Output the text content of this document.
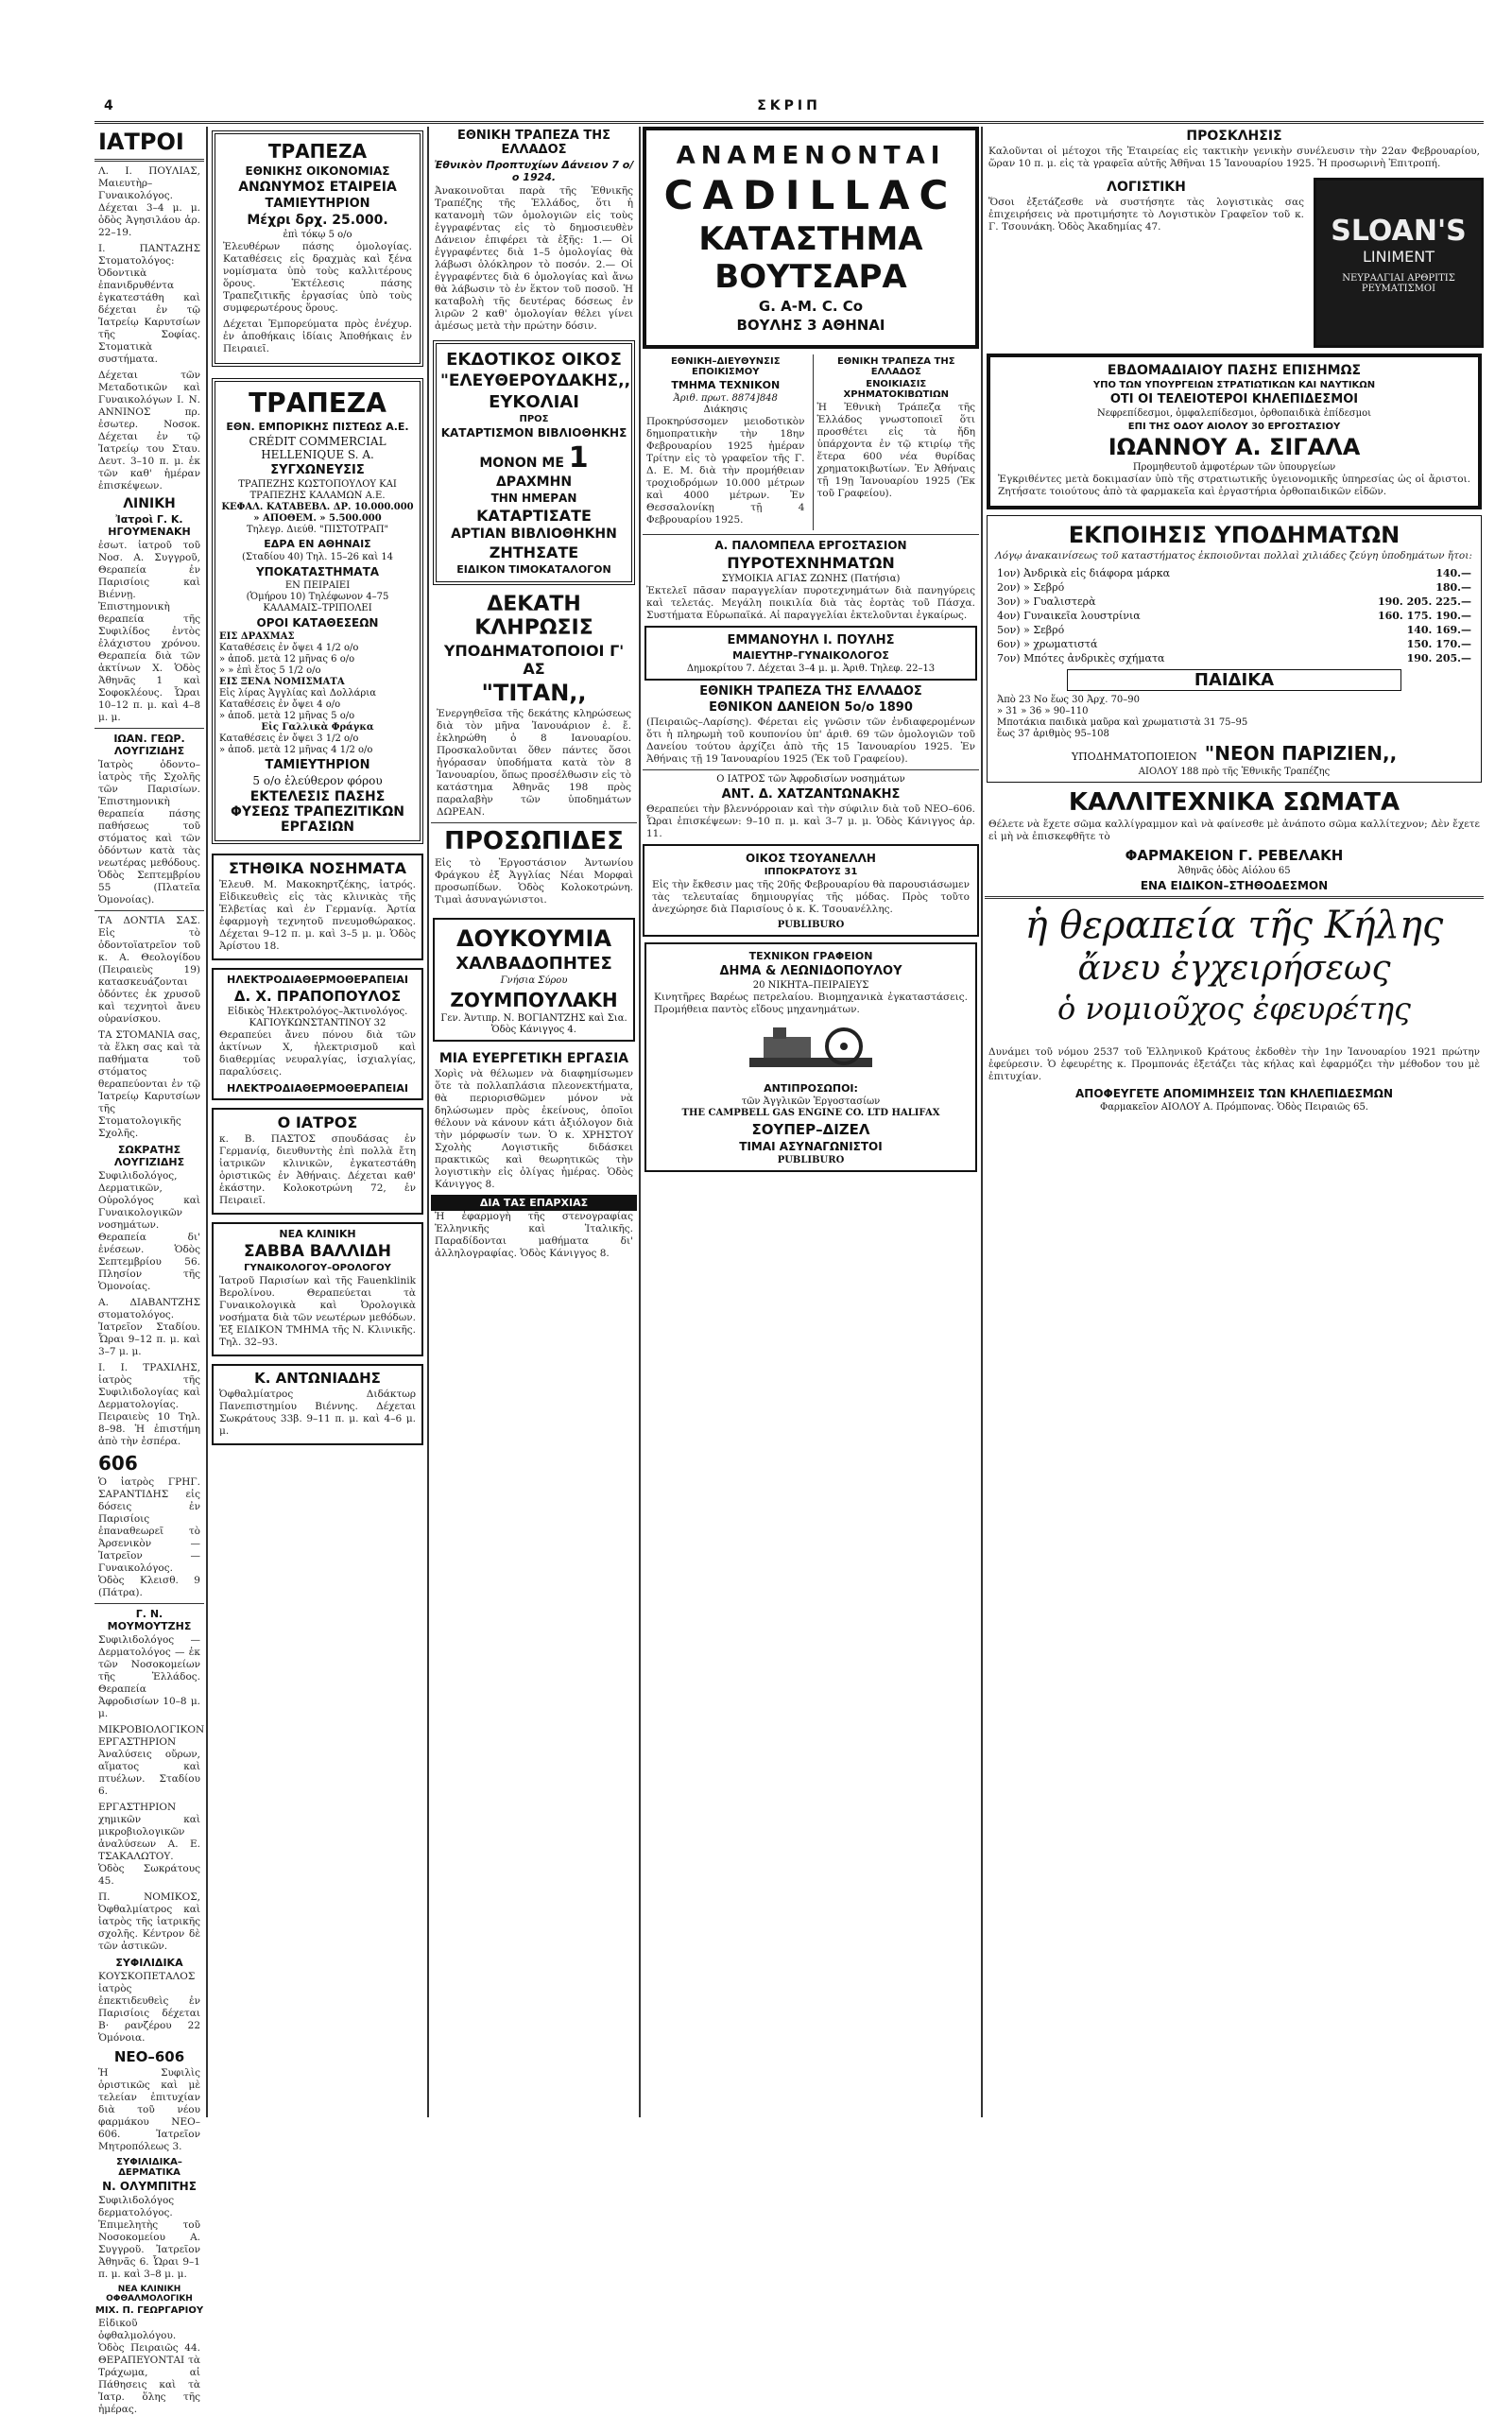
4	ΣΚΡΙΠ
ΙΑΤΡΟΙ
Λ. Ι. ΠΟΥΛΙΑΣ, Μαιευτὴρ–Γυναικολόγος. Δέχεται 3–4 μ. μ. ὁδὸς Ἀγησιλάου ἀρ. 22–19.
Ι. ΠΑΝΤΑΖΗΣ Στοματολόγος: Ὀδοντικὰ ἐπανιδρυθέντα ἐγκατεστάθη καὶ δέχεται ἐν τῷ Ἰατρείῳ Καρυτσίων τῆς Σοφίας. Στοματικὰ συστήματα.
Δέχεται τῶν Μεταδοτικῶν καὶ Γυναικολόγων Ι. Ν. ΑΝΝΙΝΟΣ πρ. ἐσωτερ. Νοσοκ. Δέχεται ἐν τῷ Ἰατρείῳ του Σταυ. Δευτ. 3–10 π. μ. ἐκ τῶν καθ' ἡμέραν ἐπισκέψεων.
ΛΙΝΙΚΗ
Ἰατροὶ Γ. Κ. ΗΓΟΥΜΕΝΑΚΗ
ἐσωτ. ἰατροῦ τοῦ Νοσ. Α. Συγγροῦ, Θεραπεία ἐν Παρισίοις καὶ Βιέννῃ. Ἐπιστημονικὴ θεραπεία τῆς Συφιλίδος ἐντὸς ἐλάχιστου χρόνου. Θεραπεία διὰ τῶν ἀκτίνων X. Ὁδὸς Ἀθηνᾶς 1 καὶ Σοφοκλέους. Ὧραι 10–12 π. μ. καὶ 4–8 μ. μ.
ΙΩΑΝ. ΓΕΩΡ. ΛΟΥΓΙΖΙΔΗΣ
Ἰατρὸς ὀδοντο–ἰατρὸς τῆς Σχολῆς τῶν Παρισίων. Ἐπιστημονικὴ θεραπεία πάσης παθήσεως τοῦ στόματος καὶ τῶν ὀδόντων κατὰ τὰς νεωτέρας μεθόδους. Ὁδὸς Σεπτεμβρίου 55 (Πλατεῖα Ὁμονοίας).
ΤΑ ΔΟΝΤΙΑ ΣΑΣ. Εἰς τὸ ὀδοντοϊατρεῖον τοῦ κ. Α. Θεολογίδου (Πειραιεὺς 19) κατασκευάζονται ὀδόντες ἐκ χρυσοῦ καὶ τεχνητοὶ ἄνευ οὐρανίσκου.
ΤΑ ΣΤΟΜΑΝΙΑ σας, τὰ ἕλκη σας καὶ τὰ παθήματα τοῦ στόματος θεραπεύονται ἐν τῷ Ἰατρείῳ Καρυτσίων τῆς Στοματολογικῆς Σχολῆς.
ΣΩΚΡΑΤΗΣ ΛΟΥΓΙΖΙΔΗΣ
Συφιλιδολόγος, Δερματικῶν, Οὐρολόγος καὶ Γυναικολογικῶν νοσημάτων. Θεραπεία δι' ἐνέσεων. Ὁδὸς Σεπτεμβρίου 56. Πλησίον τῆς Ὁμονοίας.
Α. ΔΙΑΒΑΝΤΖΗΣ στοματολόγος. Ἰατρεῖον Σταδίου. Ὧραι 9–12 π. μ. καὶ 3–7 μ. μ.
Ι. Ι. ΤΡΑΧΙΛΗΣ, ἰατρὸς τῆς Συφιλιδολογίας καὶ Δερματολογίας. Πειραιεὺς 10 Τηλ. 8–98. Ἡ ἐπιστήμη ἀπὸ τὴν ἑσπέρα.
606
Ὁ ἰατρὸς ΓΡΗΓ. ΣΑΡΑΝΤΙΔΗΣ εἰς δόσεις ἐν Παρισίοις ἐπαναθεωρεῖ τὸ Ἀρσενικὸν — Ἰατρεῖον — Γυναικολόγος. Ὁδὸς Κλεισθ. 9 (Πάτρα).
Γ. Ν. ΜΟΥΜΟΥΤΖΗΣ
Συφιλιδολόγος — Δερματολόγος — ἐκ τῶν Νοσοκομείων τῆς Ἑλλάδος. Θεραπεία Ἀφροδισίων 10–8 μ. μ.
ΜΙΚΡΟΒΙΟΛΟΓΙΚΟΝ ΕΡΓΑΣΤΗΡΙΟΝ Ἀναλύσεις οὔρων, αἵματος καὶ πτυέλων. Σταδίου 6.
ΕΡΓΑΣΤΗΡΙΟΝ χημικῶν καὶ μικροβιολογικῶν ἀναλύσεων Α. Ε. ΤΣΑΚΑΛΩΤΟΥ. Ὁδὸς Σωκράτους 45.
Π. ΝΟΜΙΚΟΣ, Ὀφθαλμίατρος καὶ ἰατρὸς τῆς ἰατρικῆς σχολῆς. Κέντρον δὲ τῶν ἀστικῶν.
ΣΥΦΙΛΙΔΙΚΑ
ΚΟΥΣΚΟΠΕΤΑΛΟΣ ἰατρὸς ἐπεκτιδευθεὶς ἐν Παρισίοις δέχεται Β· ρανζέρου 22 Ὁμόνοια.
ΝΕΟ–606
Ἡ Συφιλὶς ὁριστικῶς καὶ μὲ τελείαν ἐπιτυχίαν διὰ τοῦ νέου φαρμάκου ΝΕΟ–606. Ἰατρεῖον Μητροπόλεως 3.
ΣΥΦΙΛΙΔΙΚΑ–ΔΕΡΜΑΤΙΚΑ
Ν. ΟΛΥΜΠΙΤΗΣ
Συφιλιδολόγος δερματολόγος. Ἐπιμελητὴς τοῦ Νοσοκομείου Α. Συγγροῦ. Ἰατρεῖον Ἀθηνᾶς 6. Ὧραι 9–1 π. μ. καὶ 3–8 μ. μ.
ΝΕΑ ΚΛΙΝΙΚΗ ΟΦΘΑΛΜΟΛΟΓΙΚΗ
ΜΙΧ. Π. ΓΕΩΡΓΑΡΙΟΥ
Εἰδικοῦ ὀφθαλμολόγου. Ὁδὸς Πειραιῶς 44. ΘΕΡΑΠΕΥΟΝΤΑΙ τὰ Τράχωμα, αἱ Πάθησεις καὶ τὰ Ἰατρ. ὅλης τῆς ἡμέρας.
ΤΡΑΠΕΖΑ
ΕΘΝΙΚΗΣ ΟΙΚΟΝΟΜΙΑΣ
ΑΝΩΝΥΜΟΣ ΕΤΑΙΡΕΙΑ
ΤΑΜΙΕΥΤΗΡΙΟΝ
Μέχρι δρχ. 25.000.
ἐπὶ τόκῳ 5 ο/ο
Ἐλευθέρων πάσης ὁμολογίας. Καταθέσεις εἰς δραχμὰς καὶ ξένα νομίσματα ὑπὸ τοὺς καλλιτέρους ὅρους. Ἐκτέλεσις πάσης Τραπεζιτικῆς ἐργασίας ὑπὸ τοὺς συμφερωτέρους ὅρους.
Δέχεται Ἐμπορεύματα πρὸς ἐνέχυρ. ἐν ἀποθήκαις ἰδίαις Ἀποθήκαις ἐν Πειραιεῖ.
ΤΡΑΠΕΖΑ
ΕΘΝ. ΕΜΠΟΡΙΚΗΣ ΠΙΣΤΕΩΣ Α.Ε.
CRÉDIT COMMERCIAL
HELLENIQUE S. A.
ΣΥΓΧΩΝΕΥΣΙΣ
ΤΡΑΠΕΖΗΣ ΚΩΣΤΟΠΟΥΛΟΥ ΚΑΙ ΤΡΑΠΕΖΗΣ ΚΑΛΑΜΩΝ Α.Ε.
ΚΕΦΑΛ. ΚΑΤΑΒΕΒΛ. ΔΡ. 10.000.000
» ΑΠΟΘΕΜ. » 5.500.000
Τηλεγρ. Διεύθ. "ΠΙΣΤΟΤΡΑΠ"
ΕΔΡΑ ΕΝ ΑΘΗΝΑΙΣ
(Σταδίου 40) Τηλ. 15–26 καὶ 14
ΥΠΟΚΑΤΑΣΤΗΜΑΤΑ
ΕΝ ΠΕΙΡΑΙΕΙ
(Ὁμήρου 10) Τηλέφωνον 4–75
ΚΑΛΑΜΑΙΣ–ΤΡΙΠΟΛΕΙ
ΟΡΟΙ ΚΑΤΑΘΕΣΕΩΝ
ΕΙΣ ΔΡΑΧΜΑΣ
Καταθέσεις ἐν ὄψει 4 1/2 ο/ο
» ἀποδ. μετὰ 12 μῆνας 6 ο/ο
» » ἐπὶ ἔτος 5 1/2 ο/ο
ΕΙΣ ΞΕΝΑ ΝΟΜΙΣΜΑΤΑ
Εἰς λίρας Ἀγγλίας καὶ Δολλάρια
Καταθέσεις ἐν ὄψει 4 ο/ο
» ἀποδ. μετὰ 12 μῆνας 5 ο/ο
Εἰς Γαλλικὰ Φράγκα
Καταθέσεις ἐν ὄψει 3 1/2 ο/ο
» ἀποδ. μετὰ 12 μῆνας 4 1/2 ο/ο
ΤΑΜΙΕΥΤΗΡΙΟΝ
5 ο/ο ἐλεύθερον φόρου
ΕΚΤΕΛΕΣΙΣ ΠΑΣΗΣ ΦΥΣΕΩΣ ΤΡΑΠΕΖΙΤΙΚΩΝ ΕΡΓΑΣΙΩΝ
ΣΤΗΘΙΚΑ ΝΟΣΗΜΑΤΑ
Ἐλευθ. Μ. Μακοκηρτζέκης, ἰατρός. Εἰδικευθεὶς εἰς τὰς κλινικὰς τῆς Ἑλβετίας καὶ ἐν Γερμανίᾳ. Ἀρτία ἐφαρμογὴ τεχνητοῦ πνευμοθώρακος. Δέχεται 9–12 π. μ. καὶ 3–5 μ. μ. Ὁδὸς Ἀρίστου 18.
ΗΛΕΚΤΡΟΔΙΑΘΕΡΜΟΘΕΡΑΠΕΙΑΙ
Δ. Χ. ΠΡΑΠΟΠΟΥΛΟΣ
Εἰδικὸς Ἠλεκτρολόγος–Ἀκτινολόγος. ΚΑΓΙΟΥΚΩΝΣΤΑΝΤΙΝΟΥ 32
Θεραπεύει ἄνευ πόνου διὰ τῶν ἀκτίνων X, ἠλεκτρισμοῦ καὶ διαθερμίας νευραλγίας, ἰσχιαλγίας, παραλύσεις.
ΗΛΕΚΤΡΟΔΙΑΘΕΡΜΟΘΕΡΑΠΕΙΑΙ
Ο ΙΑΤΡΟΣ
κ. Β. ΠΑΣΤΟΣ σπουδάσας ἐν Γερμανίᾳ, διευθυντὴς ἐπὶ πολλὰ ἔτη ἰατρικῶν κλινικῶν, ἐγκατεστάθη ὁριστικῶς ἐν Ἀθήναις. Δέχεται καθ' ἑκάστην. Κολοκοτρώνη 72, ἐν Πειραιεῖ.
ΝΕΑ ΚΛΙΝΙΚΗ
ΣΑΒΒΑ ΒΑΛΛΙΔΗ
ΓΥΝΑΙΚΟΛΟΓΟΥ–ΟΡΟΛΟΓΟΥ
Ἰατροῦ Παρισίων καὶ τῆς Fauenklinik Βερολίνου. Θεραπεύεται τὰ Γυναικολογικὰ καὶ Ὀρολογικὰ νοσήματα διὰ τῶν νεωτέρων μεθόδων. Ἐξ ΕΙΔΙΚΟΝ ΤΜΗΜΑ τῆς Ν. Κλινικῆς. Τηλ. 32–93.
Κ. ΑΝΤΩΝΙΑΔΗΣ
Ὀφθαλμίατρος Διδάκτωρ Πανεπιστημίου Βιέννης. Δέχεται Σωκράτους 33β. 9–11 π. μ. καὶ 4–6 μ. μ.
ΕΘΝΙΚΗ ΤΡΑΠΕΖΑ ΤΗΣ ΕΛΛΑΔΟΣ
Ἐθνικὸν Προπτυχίων Δάνειον 7 ο/ο 1924.
Ἀνακοινοῦται παρὰ τῆς Ἐθνικῆς Τραπέζης τῆς Ἑλλάδος, ὅτι ἡ κατανομὴ τῶν ὁμολογιῶν εἰς τοὺς ἐγγραφέντας εἰς τὸ δημοσιευθὲν Δάνειον ἐπιφέρει τὰ ἑξῆς: 1.— Οἱ ἐγγραφέντες διὰ 1–5 ὁμολογίας θὰ λάβωσι ὁλόκληρον τὸ ποσόν. 2.— Οἱ ἐγγραφέντες διὰ 6 ὁμολογίας καὶ ἄνω θὰ λάβωσιν τὸ ἐν ἕκτον τοῦ ποσοῦ. Ἡ καταβολὴ τῆς δευτέρας δόσεως ἐν λιρῶν 2 καθ' ὁμολογίαν θέλει γίνει ἀμέσως μετὰ τὴν πρώτην δόσιν.
ΕΚΔΟΤΙΚΟΣ ΟΙΚΟΣ
"ΕΛΕΥΘΕΡΟΥΔΑΚΗΣ,,
ΕΥΚΟΛΙΑΙ
ΠΡΟΣ
ΚΑΤΑΡΤΙΣΜΟΝ ΒΙΒΛΙΟΘΗΚΗΣ
ΜΟΝΟΝ ΜΕ 1 ΔΡΑΧΜΗΝ
ΤΗΝ ΗΜΕΡΑΝ
ΚΑΤΑΡΤΙΣΑΤΕ
ΑΡΤΙΑΝ ΒΙΒΛΙΟΘΗΚΗΝ
ΖΗΤΗΣΑΤΕ
ΕΙΔΙΚΟΝ ΤΙΜΟΚΑΤΑΛΟΓΟΝ
ΔΕΚΑΤΗ ΚΛΗΡΩΣΙΣ
ΥΠΟΔΗΜΑΤΟΠΟΙΟΙ Γ' ΑΣ
"ΤΙΤΑΝ,,
Ἐνεργηθεῖσα τῆς δεκάτης κληρώσεως διὰ τὸν μῆνα Ἰανουάριον ἐ. ἔ. ἐκληρώθη ὁ 8 Ιανουαρίου. Προσκαλοῦνται ὅθεν πάντες ὅσοι ἠγόρασαν ὑποδήματα κατὰ τὸν 8 Ἰανουαρίου, ὅπως προσέλθωσιν εἰς τὸ κατάστημα Ἀθηνᾶς 198 πρὸς παραλαβὴν τῶν ὑποδημάτων ΔΩΡΕΑΝ.
ΠΡΟΣΩΠΙΔΕΣ
Εἰς τὸ Ἐργοστάσιον Ἀντωνίου Φράγκου ἐξ Ἀγγλίας Νέαι Μορφαὶ προσωπίδων. Ὁδὸς Κολοκοτρώνη. Τιμαὶ ἀσυναγώνιστοι.
ΔΟΥΚΟΥΜΙΑ
ΧΑΛΒΑΔΟΠΗΤΕΣ
Γνήσια Σύρου
ΖΟΥΜΠΟΥΛΑΚΗ
Γεν. Ἀντιπρ. Ν. ΒΟΓΙΑΝΤΖΗΣ καὶ Σια. Ὁδὸς Κάνιγγος 4.
ΜΙΑ ΕΥΕΡΓΕΤΙΚΗ ΕΡΓΑΣΙΑ
Χορὶς νὰ θέλωμεν νὰ διαφημίσωμεν ὅτε τὰ πολλαπλάσια πλεονεκτήματα, θὰ περιορισθῶμεν μόνον νὰ δηλώσωμεν πρὸς ἐκείνους, ὁποῖοι θέλουν νὰ κάνουν κάτι ἀξιόλογον διὰ τὴν μόρφωσίν των. Ὁ κ. ΧΡΗΣΤΟΥ Σχολὴς Λογιστικῆς διδάσκει πρακτικῶς καὶ θεωρητικῶς τὴν λογιστικὴν εἰς ὀλίγας ἡμέρας. Ὁδὸς Κάνιγγος 8.
ΔΙΑ ΤΑΣ ΕΠΑΡΧΙΑΣ
Ἡ ἐφαρμογὴ τῆς στενογραφίας Ἑλληνικῆς καὶ Ἰταλικῆς. Παραδίδονται μαθήματα δι' ἀλληλογραφίας. Ὁδὸς Κάνιγγος 8.
ΑΝΑΜΕΝΟΝΤΑΙ
CADILLAC
ΚΑΤΑΣΤΗΜΑ ΒΟΥΤΣΑΡΑ
G. A-M. C. Co
ΒΟΥΛΗΣ 3 ΑΘΗΝΑΙ
ΕΘΝΙΚΗ–ΔΙΕΥΘΥΝΣΙΣ ΕΠΟΙΚΙΣΜΟΥ
ΤΜΗΜΑ ΤΕΧΝΙΚΟΝ
Ἀριθ. πρωτ. 8874]848
Διάκησις
Προκηρύσσομεν μειοδοτικὸν δημοπρατικὴν τὴν 18ην Φεβρουαρίου 1925 ἡμέραν Τρίτην εἰς τὸ γραφεῖον τῆς Γ. Δ. Ε. Μ. διὰ τὴν προμήθειαν τροχιοδρόμων 10.000 μέτρων καὶ 4000 μέτρων. Ἐν Θεσσαλονίκῃ τῇ 4 Φεβρουαρίου 1925.
ΕΘΝΙΚΗ ΤΡΑΠΕΖΑ ΤΗΣ ΕΛΛΑΔΟΣ
ΕΝΟΙΚΙΑΣΙΣ ΧΡΗΜΑΤΟΚΙΒΩΤΙΩΝ
Ἡ Ἐθνικὴ Τράπεζα τῆς Ἑλλάδος γνωστοποιεῖ ὅτι προσθέτει εἰς τὰ ἤδη ὑπάρχοντα ἐν τῷ κτιρίῳ τῆς ἕτερα 600 νέα θυρίδας χρηματοκιβωτίων. Ἐν Ἀθήναις τῇ 19ῃ Ἰανουαρίου 1925 (Ἐκ τοῦ Γραφείου).
Α. ΠΑΛΟΜΠΕΛΑ ΕΡΓΟΣΤΑΣΙΟΝ
ΠΥΡΟΤΕΧΝΗΜΑΤΩΝ
ΣΥΜΟΙΚΙΑ ΑΓΙΑΣ ΖΩΝΗΣ (Πατήσια)
Ἐκτελεῖ πᾶσαν παραγγελίαν πυροτεχνημάτων διὰ πανηγύρεις καὶ τελετάς. Μεγάλη ποικιλία διὰ τὰς ἑορτὰς τοῦ Πάσχα. Συστήματα Εὐρωπαϊκά. Αἱ παραγγελίαι ἐκτελοῦνται ἐγκαίρως.
ΕΜΜΑΝΟΥΗΛ Ι. ΠΟΥΛΗΣ
ΜΑΙΕΥΤΗΡ–ΓΥΝΑΙΚΟΛΟΓΟΣ
Δημοκρίτου 7. Δέχεται 3–4 μ. μ. Ἀριθ. Τηλεφ. 22–13
ΕΘΝΙΚΗ ΤΡΑΠΕΖΑ ΤΗΣ ΕΛΛΑΔΟΣ
ΕΘΝΙΚΟΝ ΔΑΝΕΙΟΝ 5ο/ο 1890
(Πειραιῶς–Λαρίσης). Φέρεται εἰς γνῶσιν τῶν ἐνδιαφερομένων ὅτι ἡ πληρωμὴ τοῦ κουπονίου ὑπ' ἀριθ. 69 τῶν ὁμολογιῶν τοῦ Δανείου τούτου ἀρχίζει ἀπὸ τῆς 15 Ἰανουαρίου 1925. Ἐν Ἀθήναις τῇ 19 Ἰανουαρίου 1925 (Ἐκ τοῦ Γραφείου).
Ο ΙΑΤΡΟΣ τῶν Ἀφροδισίων νοσημάτων
ΑΝΤ. Δ. ΧΑΤΖΑΝΤΩΝΑΚΗΣ
Θεραπεύει τὴν βλεννόρροιαν καὶ τὴν σύφιλιν διὰ τοῦ NEO–606. Ὧραι ἐπισκέψεων: 9–10 π. μ. καὶ 3–7 μ. μ. Ὁδὸς Κάνιγγος ἀρ. 11.
ΟΙΚΟΣ ΤΣΟΥΑΝΕΛΛΗ
ΙΠΠΟΚΡΑΤΟΥΣ 31
Εἰς τὴν ἔκθεσιν μας τῆς 20ῆς Φεβρουαρίου θὰ παρουσιάσωμεν τὰς τελευταίας δημιουργίας τῆς μόδας. Πρὸς τοῦτο ἀνεχώρησε διὰ Παρισίους ὁ κ. Κ. Τσουανέλλης.
PUBLIBURO
ΤΕΧΝΙΚΟΝ ΓΡΑΦΕΙΟΝ
ΔΗΜΑ & ΛΕΩΝΙΔΟΠΟΥΛΟΥ
20 ΝΙΚΗΤΑ–ΠΕΙΡΑΙΕΥΣ
Κινητῆρες Βαρέως πετρελαίου. Βιομηχανικὰ ἐγκαταστάσεις. Προμήθεια παντὸς εἴδους μηχανημάτων.
ΑΝΤΙΠΡΟΣΩΠΟΙ:
τῶν Ἀγγλικῶν Ἐργοστασίων
THE CAMPBELL GAS ENGINE CO. LTD HALIFAX
ΣΟΥΠΕΡ–ΔΙΖΕΛ
ΤΙΜΑΙ ΑΣΥΝΑΓΩΝΙΣΤΟΙ
PUBLIBURO
ΠΡΟΣΚΛΗΣΙΣ
Καλοῦνται οἱ μέτοχοι τῆς Ἑταιρείας εἰς τακτικὴν γενικὴν συνέλευσιν τὴν 22αν Φεβρουαρίου, ὥραν 10 π. μ. εἰς τὰ γραφεῖα αὐτῆς Ἀθῆναι 15 Ἰανουαρίου 1925. Ἡ προσωρινὴ Ἐπιτροπή.
ΛΟΓΙΣΤΙΚΗ
Ὅσοι ἐξετάζεσθε νὰ συστήσητε τὰς λογιστικὰς σας ἐπιχειρήσεις νὰ προτιμήσητε τὸ Λογιστικὸν Γραφεῖον τοῦ κ. Γ. Τσουνάκη. Ὁδὸς Ἀκαδημίας 47.	SLOAN'S
LINIMENT
ΝΕΥΡΑΛΓΙΑΙ ΑΡΘΡΙΤΙΣ ΡΕΥΜΑΤΙΣΜΟΙ
ΕΒΔΟΜΑΔΙΑΙΟΥ ΠΑΣΗΣ ΕΠΙΣΗΜΩΣ
ΥΠΟ ΤΩΝ ΥΠΟΥΡΓΕΙΩΝ ΣΤΡΑΤΙΩΤΙΚΩΝ ΚΑΙ ΝΑΥΤΙΚΩΝ
ΟΤΙ ΟΙ ΤΕΛΕΙΟΤΕΡΟΙ ΚΗΛΕΠΙΔΕΣΜΟΙ
Νεφρεπίδεσμοι, ὀμφαλεπίδεσμοι, ὀρθοπαιδικὰ ἐπίδεσμοι
ΕΠΙ ΤΗΣ ΟΔΟΥ ΑΙΟΛΟΥ 30 ΕΡΓΟΣΤΑΣΙΟΥ
ΙΩΑΝΝΟΥ Α. ΣΙΓΑΛΑ
Προμηθευτοῦ ἀμφοτέρων τῶν ὑπουργείων
Ἐγκριθέντες μετὰ δοκιμασίαν ὑπὸ τῆς στρατιωτικῆς ὑγειονομικῆς ὑπηρεσίας ὡς οἱ ἄριστοι. Ζητήσατε τοιούτους ἀπὸ τὰ φαρμακεῖα καὶ ἐργαστήρια ὀρθοπαιδικῶν εἰδῶν.
ΕΚΠΟΙΗΣΙΣ ΥΠΟΔΗΜΑΤΩΝ
Λόγῳ ἀνακαινίσεως τοῦ καταστήματος ἐκποιοῦνται πολλαὶ χιλιάδες ζεύγη ὑποδημάτων ἤτοι:
1ον) Ἀνδρικὰ εἰς διάφορα μάρκα	140.—
2ον) » Σεβρό	180.—
3ον) » Γυαλιστερὰ	190. 205. 225.—
4ον) Γυναικεῖα λουστρίνια	160. 175. 190.—
5ον) » Σεβρό	140. 169.—
6ον) » χρωματιστά	150. 170.—
7ον) Μπότες ἀνδρικὲς σχήματα	190. 205.—
ΠΑΙΔΙΚΑ
Ἀπὸ 23 Νο ἕως 30 Ἀρχ. 70–90
» 31 » 36 » 90–110
Μποτάκια παιδικὰ μαῦρα καὶ χρωματιστὰ 31 75–95
ἕως 37 ἀριθμὸς 95–108
ΥΠΟΔΗΜΑΤΟΠΟΙΕΙΟΝ "ΝΕΟΝ ΠΑΡΙΖΙΕΝ,,
ΑΙΟΛΟΥ 188 πρὸ τῆς Ἐθνικῆς Τραπέζης
ΚΑΛΛΙΤΕΧΝΙΚΑ ΣΩΜΑΤΑ
Θέλετε νὰ ἔχετε σῶμα καλλίγραμμον καὶ νὰ φαίνεσθε μὲ ἀνάποτο σῶμα καλλίτεχνον; Δὲν ἔχετε εἰ μὴ νὰ ἐπισκεφθῆτε τὸ
ΦΑΡΜΑΚΕΙΟΝ Γ. ΡΕΒΕΛΑΚΗ
Ἀθηνᾶς ὁδὸς Αἰόλου 65
ΕΝΑ ΕΙΔΙΚΟΝ–ΣΤΗΘΟΔΕΣΜΟΝ
ἡ θεραπεία τῆς Κήλης
ἄνευ ἐγχειρήσεως
ὁ νομιοῦχος ἐφευρέτης
Δυνάμει τοῦ νόμου 2537 τοῦ Ἑλληνικοῦ Κράτους ἐκδοθὲν τὴν 1ην Ἰανουαρίου 1921 πρώτην ἐφεύρεσιν. Ὁ ἐφευρέτης κ. Προμπονάς ἐξετάζει τὰς κήλας καὶ ἐφαρμόζει τὴν μέθοδον του μὲ ἐπιτυχίαν.
ΑΠΟΦΕΥΓΕΤΕ ΑΠΟΜΙΜΗΣΕΙΣ ΤΩΝ ΚΗΛΕΠΙΔΕΣΜΩΝ
Φαρμακεῖον ΑΙΟΛΟΥ Α. Πρόμπονας. Ὁδὸς Πειραιῶς 65.
